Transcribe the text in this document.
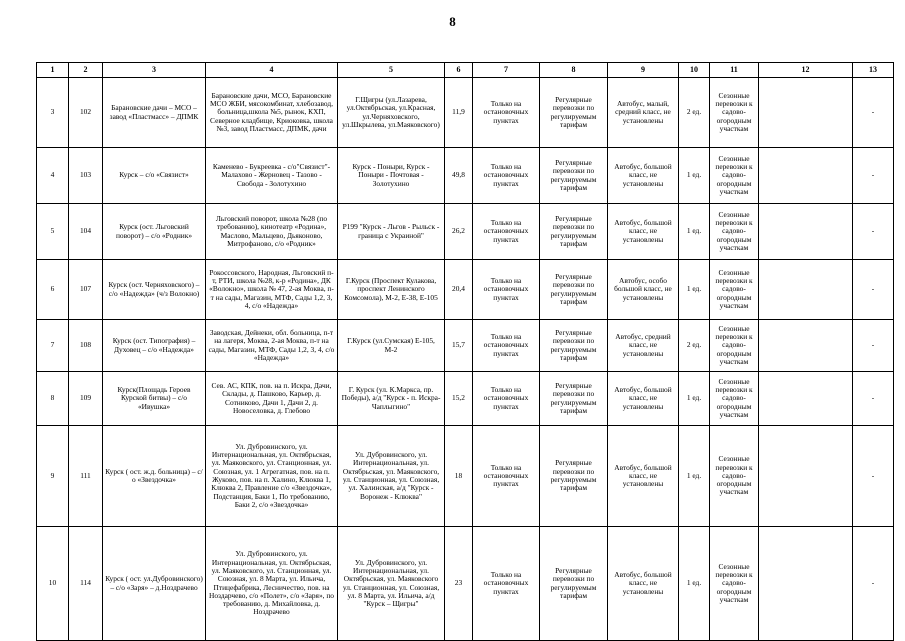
8
1	2	3	4	5	6	7	8	9	10	11	12	13
3	102	Барановские дачи – МСО – завод «Пластмасс» – ДПМК	Барановские дачи, МСО, Барановские МСО ЖБИ, мясокомбинат, хлебозавод, больница,школа №5, рынок, КХП, Северное кладбище, Криоковка, школа №3, завод Пластмасс, ДПМК, дачи	Г.Щигры (ул.Лазарева, ул.Октябрьская, ул.Красная, ул.Черняховского, ул.Шкрылева, ул.Маяковского)	11,9	Только на остановочных пунктах	Регулярные перевозки по регулируемым тарифам	Автобус, малый, средний класс, не установлены	2 ед.	Сезонные перевозки к садово-огородным участкам		-
4	103	Курск – с/о «Связист»	Каменево - Букреевка - с/о"Связист"-Малахово - Жерновец - Тазово - Свобода - Золотухино	Курск - Поныри, Курск - Поныри - Почтовая - Золотухино	49,8	Только на остановочных пунктах	Регулярные перевозки по регулируемым тарифам	Автобус, большой класс, не установлены	1 ед.	Сезонные перевозки к садово-огородным участкам		-
5	104	Курск (ост. Льговский поворот) – с/о «Родник»	Льговский поворот, школа №28 (по требованию), кинотеатр «Родина», Маслово, Мальцево, Дьяконово, Митрофаново, с/о «Родник»	Р199 "Курск - Льгов - Рыльск - граница с Украиной"	26,2	Только на остановочных пунктах	Регулярные перевозки по регулируемым тарифам	Автобус, большой класс, не установлены	1 ед.	Сезонные перевозки к садово-огородным участкам		-
6	107	Курск (ост. Черняховского) – с/о «Надежда» (ч/з Волокно)	Рокоссовского, Народная, Льговский п-т, РТИ, школа №28, к-р «Родина», ДК «Волокно», школа № 47, 2-ая Моква, п-т на сады, Магазин, МТФ, Сады 1,2, 3, 4, с/о «Надежда»	Г.Курск (Проспект Кулакова, проспект Ленинского Комсомола), М-2, Е-38, Е-105	20,4	Только на остановочных пунктах	Регулярные перевозки по регулируемым тарифам	Автобус, особо большой класс, не установлены	1 ед.	Сезонные перевозки к садово-огородным участкам		-
7	108	Курск (ост. Типография) – Духовец – с/о «Надежда»	Заводская, Дейнеки, обл. больница, п-т на лагеря, Моква, 2-ая Моква, п-т на сады, Магазин, МТФ, Сады 1,2, 3, 4, с/о «Надежда»	Г.Курск (ул.Сумская) Е-105, М-2	15,7	Только на остановочных пунктах	Регулярные перевозки по регулируемым тарифам	Автобус, средний класс, не установлены	2 ед.	Сезонные перевозки к садово-огородным участкам		-
8	109	Курск(Площадь Героев Курской битвы) – с/о «Ивушка»	Сев. АС, КПК, пов. на п. Искра, Дачи, Склады, д. Пашково, Карьер, д. Сотниково, Дачи 1, Дачи 2, д. Новоселовка, д. Глебово	Г. Курск (ул. К.Маркса, пр. Победы), а/д "Курск - п. Искра- Чаплыгино"	15,2	Только на остановочных пунктах	Регулярные перевозки по регулируемым тарифам	Автобус, большой класс, не установлены	1 ед.	Сезонные перевозки к садово-огородным участкам		-
9	111	Курск ( ост. ж.д. больница) – с/о «Звездочка»	Ул. Дубровинского, ул. Интернациональная, ул. Октябрьская, ул. Маяковского, ул. Станционная, ул. Союзная, ул. 1 Агрегатная, пов. на п. Жуково, пов. на п. Халино, Клюква 1, Клюква 2, Правление с/о «Звездочка», Подстанция, Баки 1, По требованию, Баки 2, с/о «Звездочка»	Ул. Дубровинского, ул. Интернациональная, ул. Октябрьская, ул. Маяковского, ул. Станционная, ул. Союзная, ул. Халинская, а/д "Курск - Воронеж - Клюква"	18	Только на остановочных пунктах	Регулярные перевозки по регулируемым тарифам	Автобус, большой класс, не установлены	1 ед.	Сезонные перевозки к садово-огородным участкам		-
10	114	Курск ( ост. ул.Дубровинского) – с/о «Заря» – д.Ноздрачево	Ул. Дубровинского, ул. Интернациональная, ул. Октябрьская, ул. Маяковского, ул. Станционная, ул. Союзная, ул. 8 Марта, ул. Ильича, Птицефабрика, Лесничество, пов. на Ноздарчево, с/о «Полет», с/о «Заря», по требованию, д. Михайловка, д. Ноздрачево	Ул. Дубровинского, ул. Интернациональная, ул. Октябрьская, ул. Маяковского ул. Станционная, ул. Союзная, ул. 8 Марта, ул. Ильича, а/д "Курск – Щигры"	23	Только на остановочных пунктах	Регулярные перевозки по регулируемым тарифам	Автобус, большой класс, не установлены	1 ед.	Сезонные перевозки к садово-огородным участкам		-
